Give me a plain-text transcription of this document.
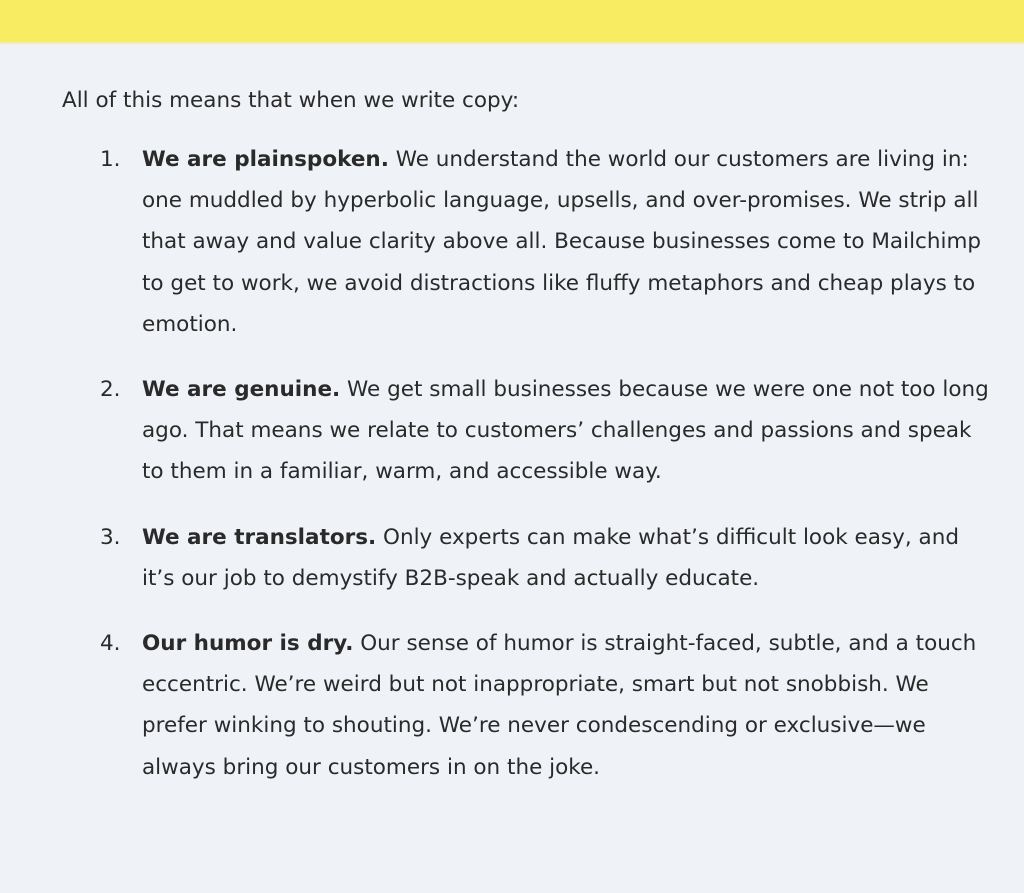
All of this means that when we write copy:

1. We are plainspoken. We understand the world our customers are living in: one muddled by hyperbolic language, upsells, and over-promises. We strip all that away and value clarity above all. Because businesses come to Mailchimp to get to work, we avoid distractions like fluffy metaphors and cheap plays to emotion.
2. We are genuine. We get small businesses because we were one not too long ago. That means we relate to customers’ challenges and passions and speak to them in a familiar, warm, and accessible way.
3. We are translators. Only experts can make what’s difficult look easy, and it’s our job to demystify B2B-speak and actually educate.
4. Our humor is dry. Our sense of humor is straight-faced, subtle, and a touch eccentric. We’re weird but not inappropriate, smart but not snobbish. We prefer winking to shouting. We’re never condescending or exclusive—we always bring our customers in on the joke.
